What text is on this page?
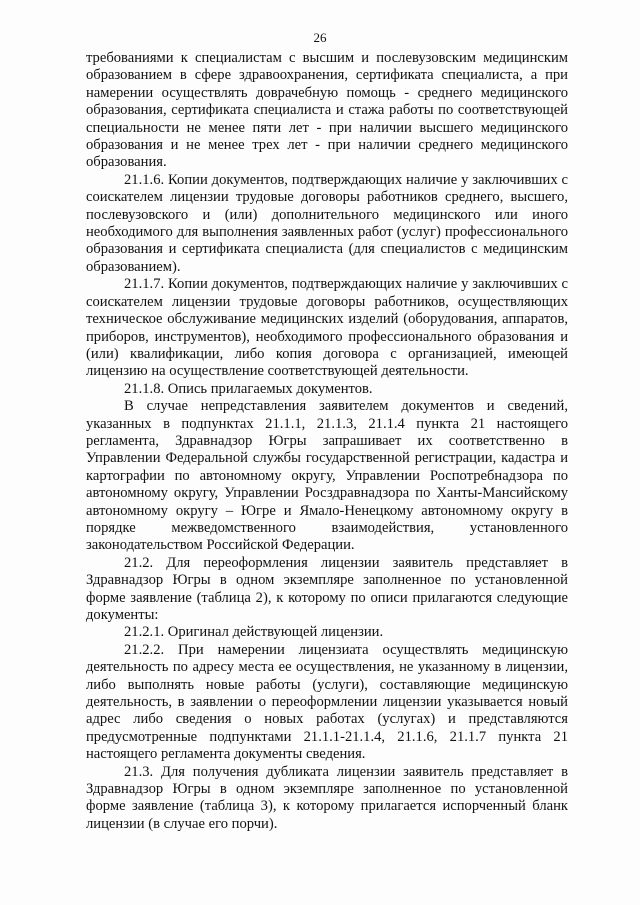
26

требованиями к специалистам с высшим и послевузовским медицинским образованием в сфере здравоохранения, сертификата специалиста, а при намерении осуществлять доврачебную помощь - среднего медицинского образования, сертификата специалиста и стажа работы по соответствующей специальности не менее пяти лет - при наличии высшего медицинского образования и не менее трех лет - при наличии среднего медицинского образования.

21.1.6. Копии документов, подтверждающих наличие у заключивших с соискателем лицензии трудовые договоры работников среднего, высшего, послевузовского и (или) дополнительного медицинского или иного необходимого для выполнения заявленных работ (услуг) профессионального образования и сертификата специалиста (для специалистов с медицинским образованием).

21.1.7. Копии документов, подтверждающих наличие у заключивших с соискателем лицензии трудовые договоры работников, осуществляющих техническое обслуживание медицинских изделий (оборудования, аппаратов, приборов, инструментов), необходимого профессионального образования и (или) квалификации, либо копия договора с организацией, имеющей лицензию на осуществление соответствующей деятельности.

21.1.8. Опись прилагаемых документов.

В случае непредставления заявителем документов и сведений, указанных в подпунктах 21.1.1, 21.1.3, 21.1.4 пункта 21 настоящего регламента, Здравнадзор Югры запрашивает их соответственно в Управлении Федеральной службы государственной регистрации, кадастра и картографии по автономному округу, Управлении Роспотребнадзора по автономному округу, Управлении Росздравнадзора по Ханты-Мансийскому автономному округу – Югре и Ямало-Ненецкому автономному округу в порядке межведомственного взаимодействия, установленного законодательством Российской Федерации.

21.2. Для переоформления лицензии заявитель представляет в Здравнадзор Югры в одном экземпляре заполненное по установленной форме заявление (таблица 2), к которому по описи прилагаются следующие документы:

21.2.1. Оригинал действующей лицензии.

21.2.2. При намерении лицензиата осуществлять медицинскую деятельность по адресу места ее осуществления, не указанному в лицензии, либо выполнять новые работы (услуги), составляющие медицинскую деятельность, в заявлении о переоформлении лицензии указывается новый адрес либо сведения о новых работах (услугах) и представляются предусмотренные подпунктами 21.1.1-21.1.4, 21.1.6, 21.1.7 пункта 21 настоящего регламента документы сведения.

21.3. Для получения дубликата лицензии заявитель представляет в Здравнадзор Югры в одном экземпляре заполненное по установленной форме заявление (таблица 3), к которому прилагается испорченный бланк лицензии (в случае его порчи).
